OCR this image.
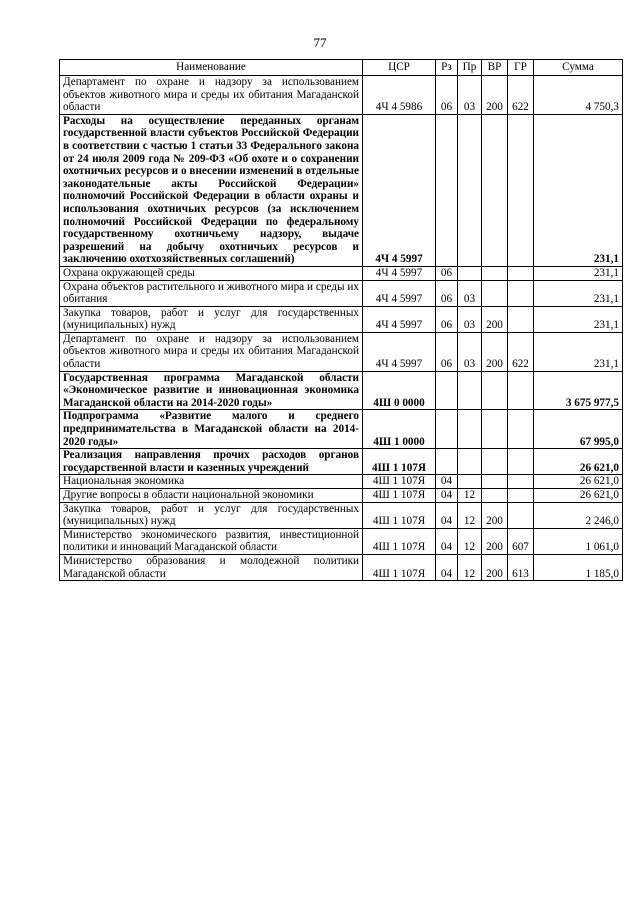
77
Наименование	ЦСР	Рз	Пр	ВР	ГР	Сумма
Департамент по охране и надзору за использованием объектов животного мира и среды их обитания Магаданской области	4Ч 4 5986	06	03	200	622	4 750,3
Расходы на осуществление переданных органам государственной власти субъектов Российской Федерации в соответствии с частью 1 статьи 33 Федерального закона от 24 июля 2009 года № 209-ФЗ «Об охоте и о сохранении охотничьих ресурсов и о внесении изменений в отдельные законодательные акты Российской Федерации» полномочий Российской Федерации в области охраны и использования охотничьих ресурсов (за исключением полномочий Российской Федерации по федеральному государственному охотничьему надзору, выдаче разрешений на добычу охотничьих ресурсов и заключению охотхозяйственных соглашений)	4Ч 4 5997					231,1
Охрана окружающей среды	4Ч 4 5997	06				231,1
Охрана объектов растительного и животного мира и среды их обитания	4Ч 4 5997	06	03			231,1
Закупка товаров, работ и услуг для государственных (муниципальных) нужд	4Ч 4 5997	06	03	200		231,1
Департамент по охране и надзору за использованием объектов животного мира и среды их обитания Магаданской области	4Ч 4 5997	06	03	200	622	231,1
Государственная программа Магаданской области «Экономическое развитие и инновационная экономика Магаданской области на 2014-2020 годы»	4Ш 0 0000					3 675 977,5
Подпрограмма «Развитие малого и среднего предпринимательства в Магаданской области на 2014-2020 годы»	4Ш 1 0000					67 995,0
Реализация направления прочих расходов органов государственной власти и казенных учреждений	4Ш 1 107Я					26 621,0
Национальная экономика	4Ш 1 107Я	04				26 621,0
Другие вопросы в области национальной экономики	4Ш 1 107Я	04	12			26 621,0
Закупка товаров, работ и услуг для государственных (муниципальных) нужд	4Ш 1 107Я	04	12	200		2 246,0
Министерство экономического развития, инвестиционной политики и инноваций Магаданской области	4Ш 1 107Я	04	12	200	607	1 061,0
Министерство образования и молодежной политики Магаданской области	4Ш 1 107Я	04	12	200	613	1 185,0
